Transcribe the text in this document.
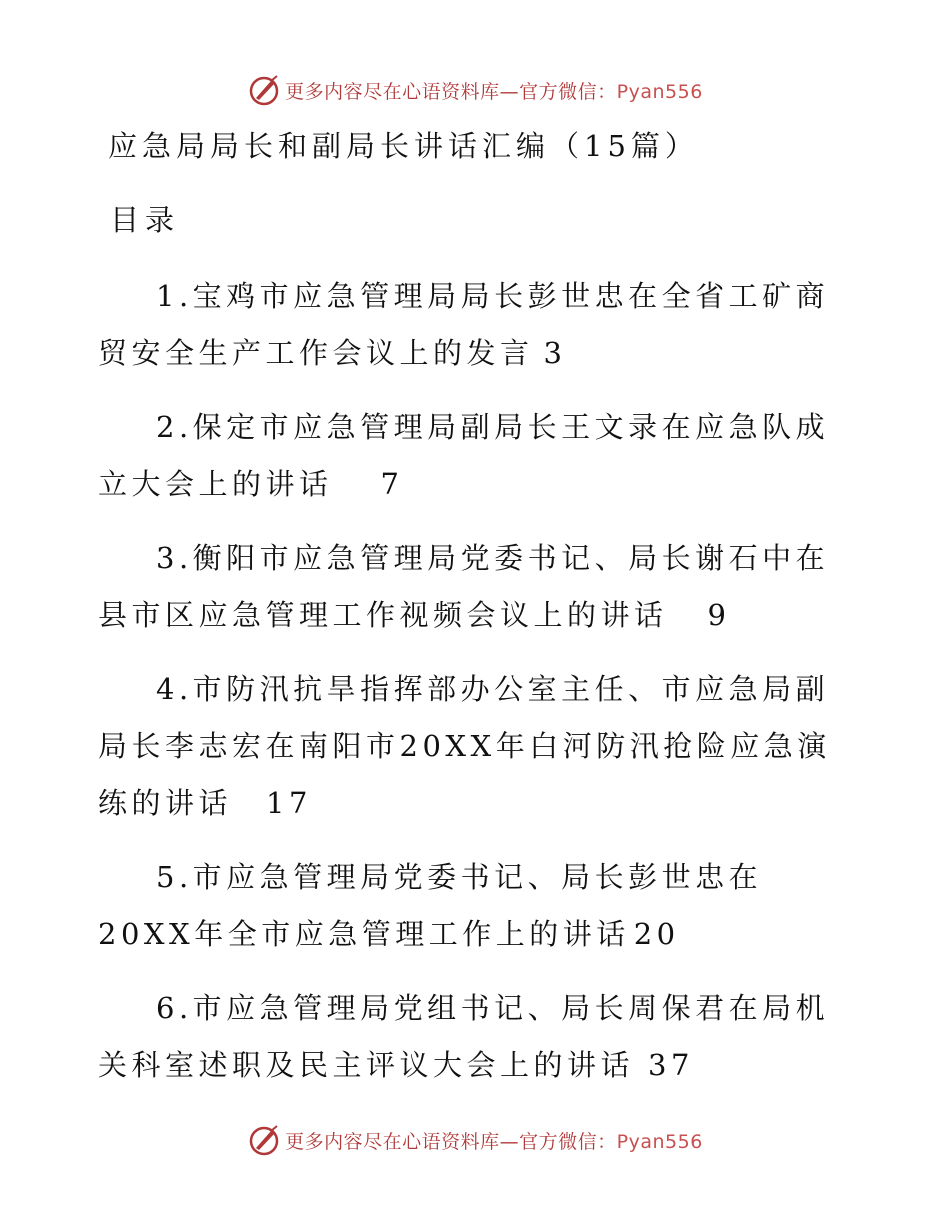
更多内容尽在心语资料库—官方微信：Pyan556
应急局局长和副局长讲话汇编（15篇）
目录
1.宝鸡市应急管理局局长彭世忠在全省工矿商贸安全生产工作会议上的发言 3
2.保定市应急管理局副局长王文录在应急队成立大会上的讲话 7
3.衡阳市应急管理局党委书记、局长谢石中在县市区应急管理工作视频会议上的讲话 9
4.市防汛抗旱指挥部办公室主任、市应急局副局长李志宏在南阳市20XX年白河防汛抢险应急演练的讲话 17
5.市应急管理局党委书记、局长彭世忠在20XX年全市应急管理工作上的讲话 20
6.市应急管理局党组书记、局长周保君在局机关科室述职及民主评议大会上的讲话 37
更多内容尽在心语资料库—官方微信：Pyan556
